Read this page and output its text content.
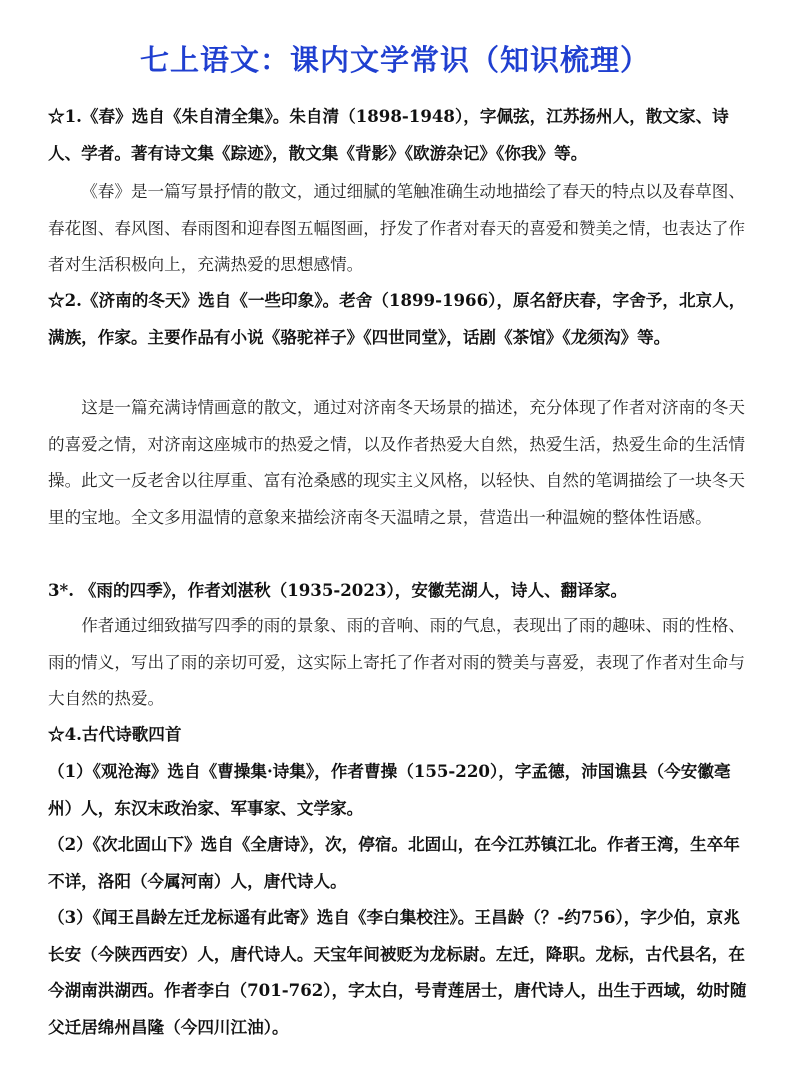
七上语文：课内文学常识（知识梳理）
☆1.《春》选自《朱自清全集》。朱自清（1898-1948），字佩弦，江苏扬州人，散文家、诗人、学者。著有诗文集《踪迹》，散文集《背影》《欧游杂记》《你我》等。
《春》是一篇写景抒情的散文，通过细腻的笔触准确生动地描绘了春天的特点以及春草图、春花图、春风图、春雨图和迎春图五幅图画，抒发了作者对春天的喜爱和赞美之情，也表达了作者对生活积极向上，充满热爱的思想感情。
☆2.《济南的冬天》选自《一些印象》。老舍（1899-1966），原名舒庆春，字舍予，北京人，满族，作家。主要作品有小说《骆驼祥子》《四世同堂》，话剧《茶馆》《龙须沟》等。
这是一篇充满诗情画意的散文，通过对济南冬天场景的描述，充分体现了作者对济南的冬天的喜爱之情，对济南这座城市的热爱之情，以及作者热爱大自然，热爱生活，热爱生命的生活情操。此文一反老舍以往厚重、富有沧桑感的现实主义风格，以轻快、自然的笔调描绘了一块冬天里的宝地。全文多用温情的意象来描绘济南冬天温晴之景，营造出一种温婉的整体性语感。
3*. 《雨的四季》，作者刘湛秋（1935-2023），安徽芜湖人，诗人、翻译家。
作者通过细致描写四季的雨的景象、雨的音响、雨的气息，表现出了雨的趣味、雨的性格、雨的情义，写出了雨的亲切可爱，这实际上寄托了作者对雨的赞美与喜爱，表现了作者对生命与大自然的热爱。
☆4.古代诗歌四首
（1）《观沧海》选自《曹操集·诗集》，作者曹操（155-220），字孟德，沛国谯县（今安徽亳州）人，东汉末政治家、军事家、文学家。
（2）《次北固山下》选自《全唐诗》，次，停宿。北固山，在今江苏镇江北。作者王湾，生卒年不详，洛阳（今属河南）人，唐代诗人。
（3）《闻王昌龄左迁龙标遥有此寄》选自《李白集校注》。王昌龄（？-约756），字少伯，京兆长安（今陕西西安）人，唐代诗人。天宝年间被贬为龙标尉。左迁，降职。龙标，古代县名，在今湖南洪湖西。作者李白（701-762），字太白，号青莲居士，唐代诗人，出生于西域，幼时随父迁居绵州昌隆（今四川江油）。
